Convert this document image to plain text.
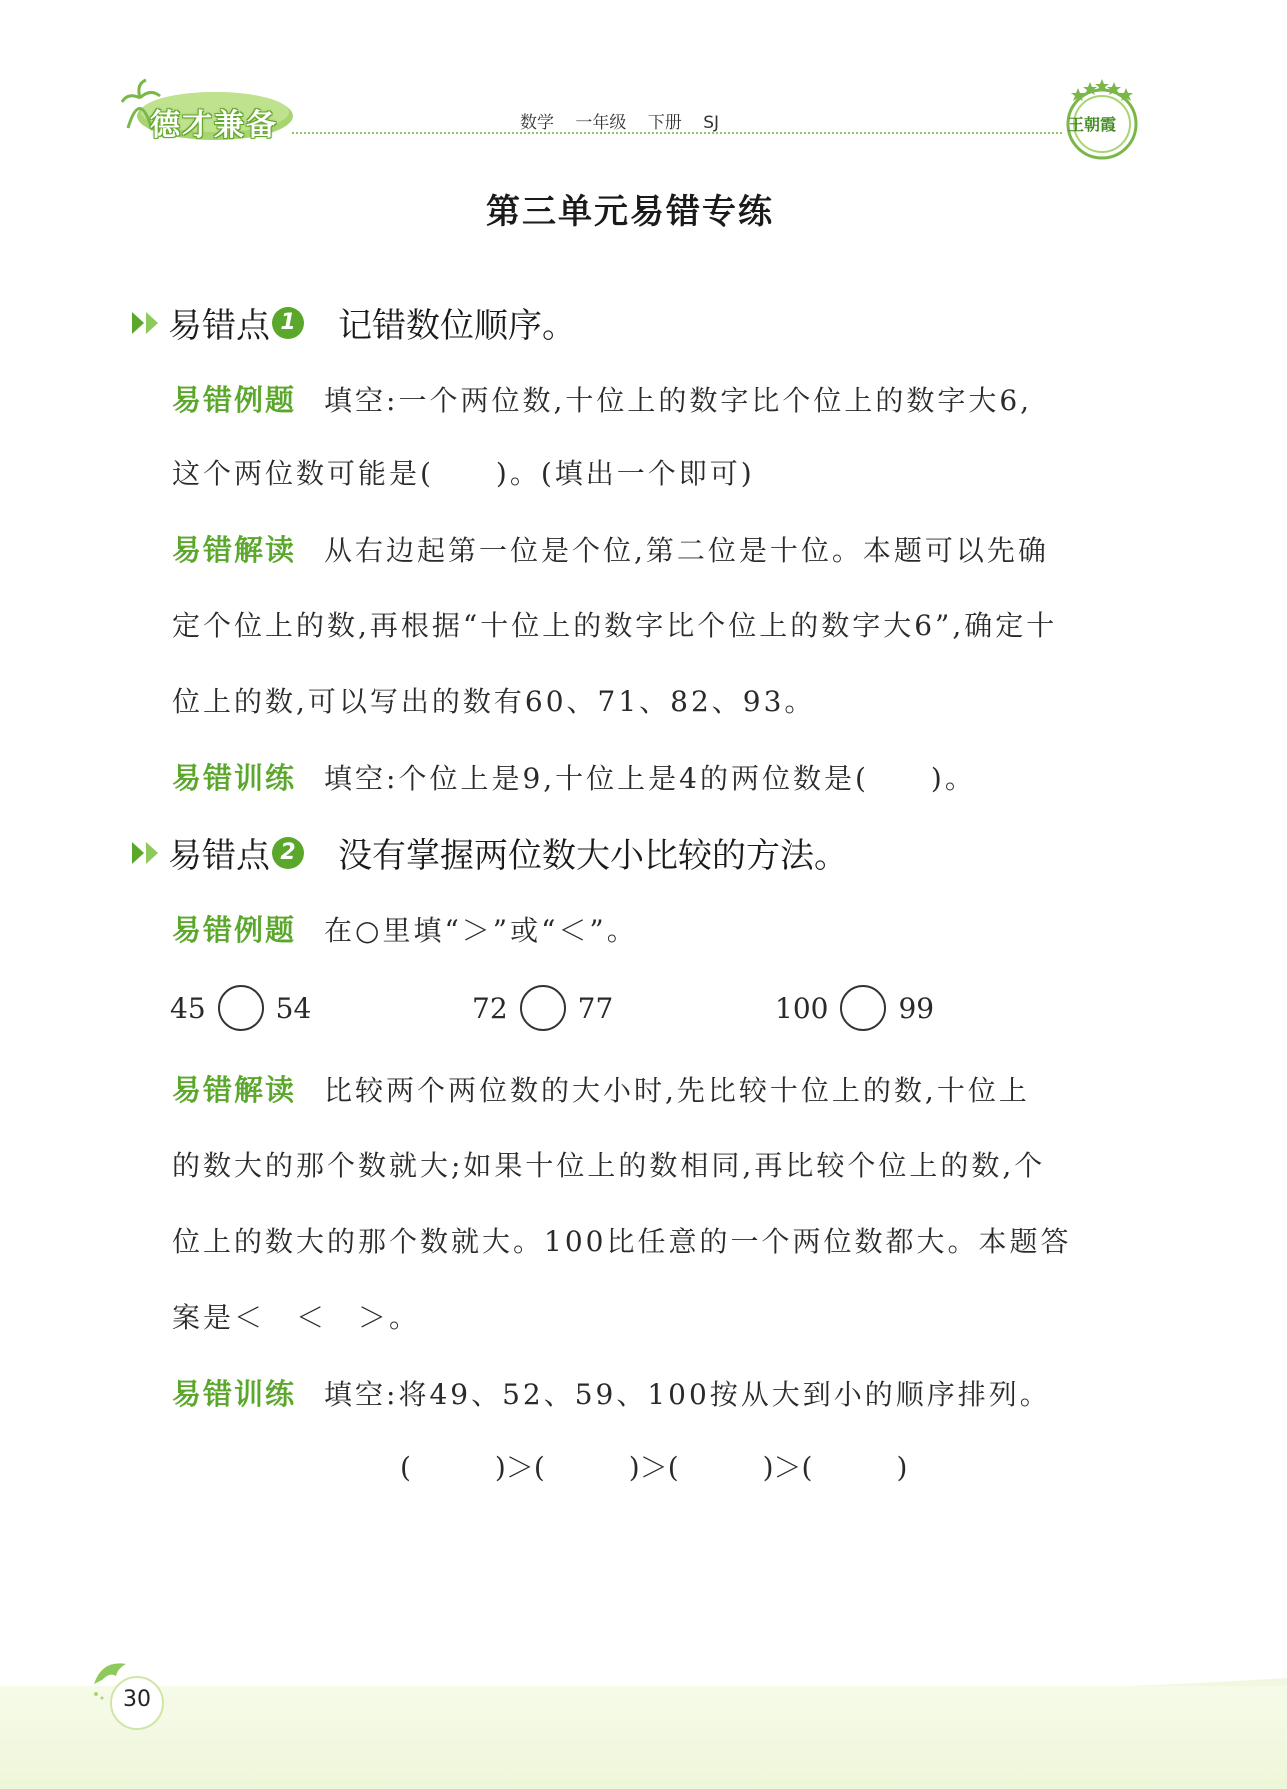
德才兼备	数学 一年级 下册 SJ	王朝霞
第三单元易错专练
易错点 1 记错数位顺序。
易错例题 填空:一个两位数,十位上的数字比个位上的数字大6,
这个两位数可能是(　　)。(填出一个即可)
易错解读 从右边起第一位是个位,第二位是十位。本题可以先确
定个位上的数,再根据“十位上的数字比个位上的数字大6”,确定十
位上的数,可以写出的数有60、71、82、93。
易错训练 填空:个位上是9,十位上是4的两位数是(　　)。
易错点 2 没有掌握两位数大小比较的方法。
易错例题 在○里填“＞”或“＜”。
45	54	72	77	100	99
易错解读 比较两个两位数的大小时,先比较十位上的数,十位上
的数大的那个数就大;如果十位上的数相同,再比较个位上的数,个
位上的数大的那个数就大。100比任意的一个两位数都大。本题答
案是＜　＜　＞。
易错训练 填空:将49、52、59、100按从大到小的顺序排列。
(　　　)＞(　　　)＞(　　　)＞(　　　)
30
